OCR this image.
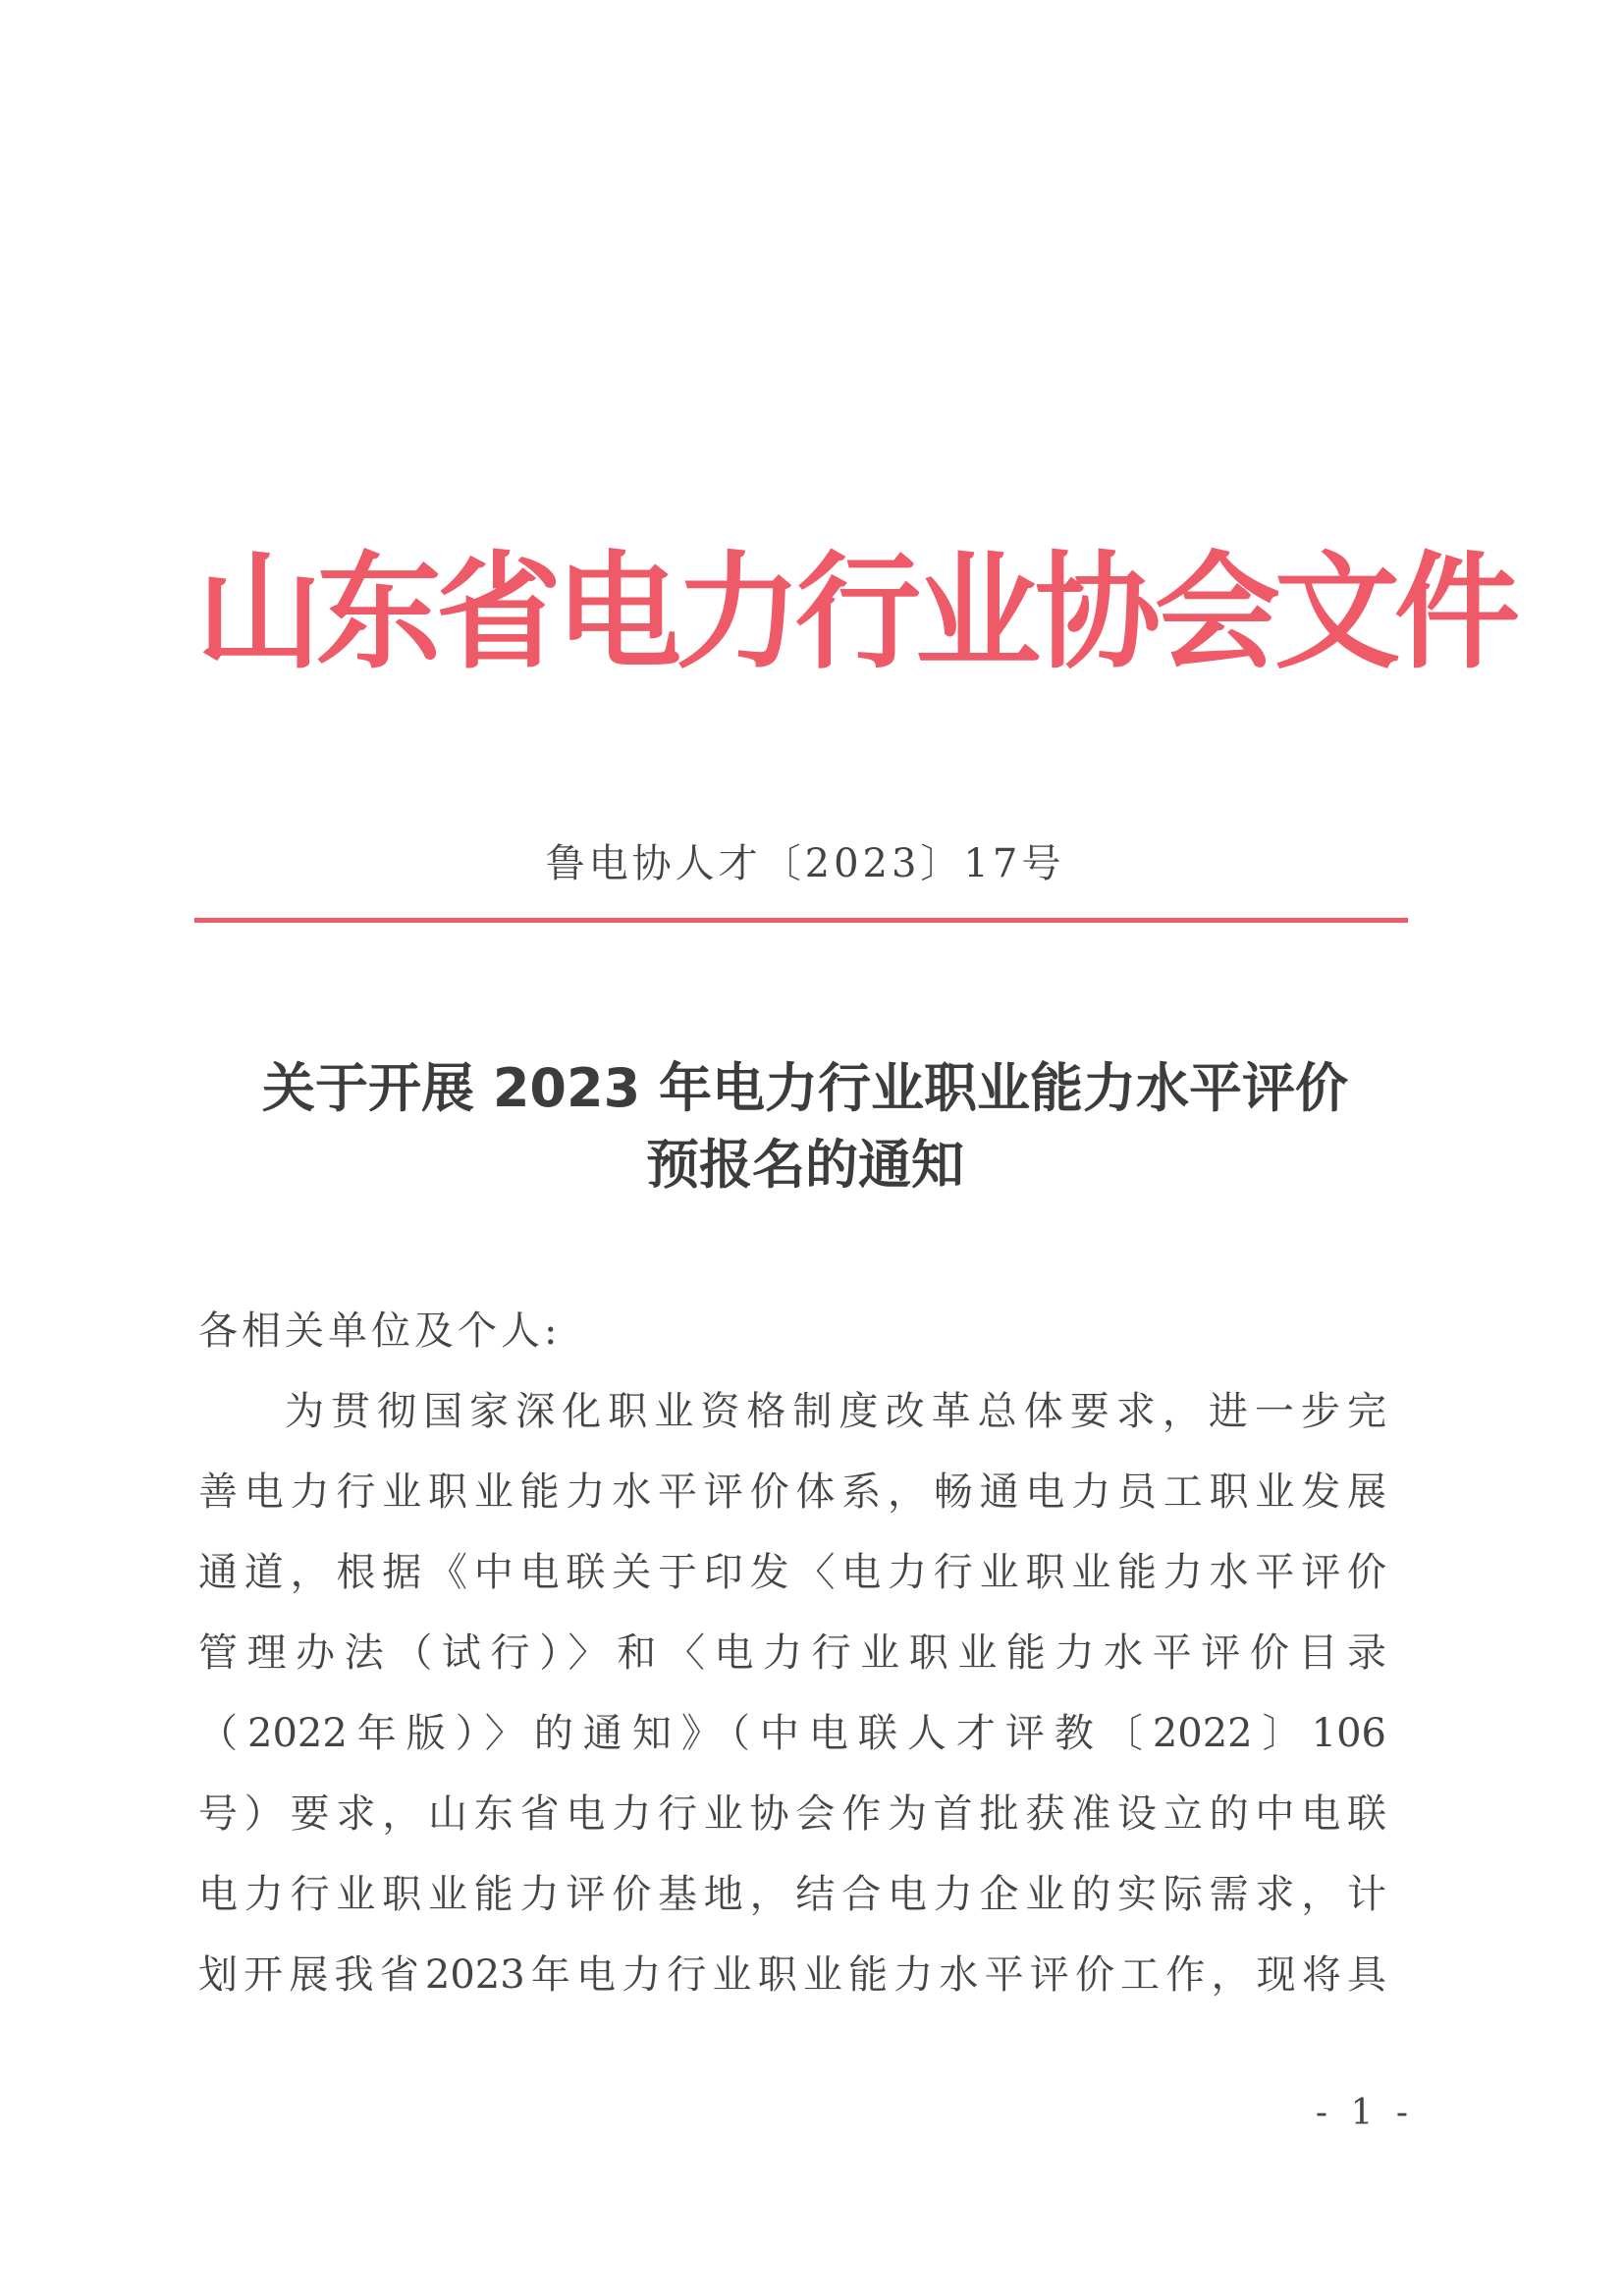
山东省电力行业协会文件
鲁电协人才〔2023〕17号
关于开展 2023 年电力行业职业能力水平评价
预报名的通知
各相关单位及个人:
为贯彻国家深化职业资格制度改革总体要求，进一步完
善电力行业职业能力水平评价体系，畅通电力员工职业发展
通道，根据《中电联关于印发〈电力行业职业能力水平评价
管理办法（试行）〉和〈电力行业职业能力水平评价目录
（2022年版）〉的通知》（中电联人才评教〔2022〕106
号）要求，山东省电力行业协会作为首批获准设立的中电联
电力行业职业能力评价基地，结合电力企业的实际需求，计
划开展我省2023年电力行业职业能力水平评价工作，现将具
- 1 -
